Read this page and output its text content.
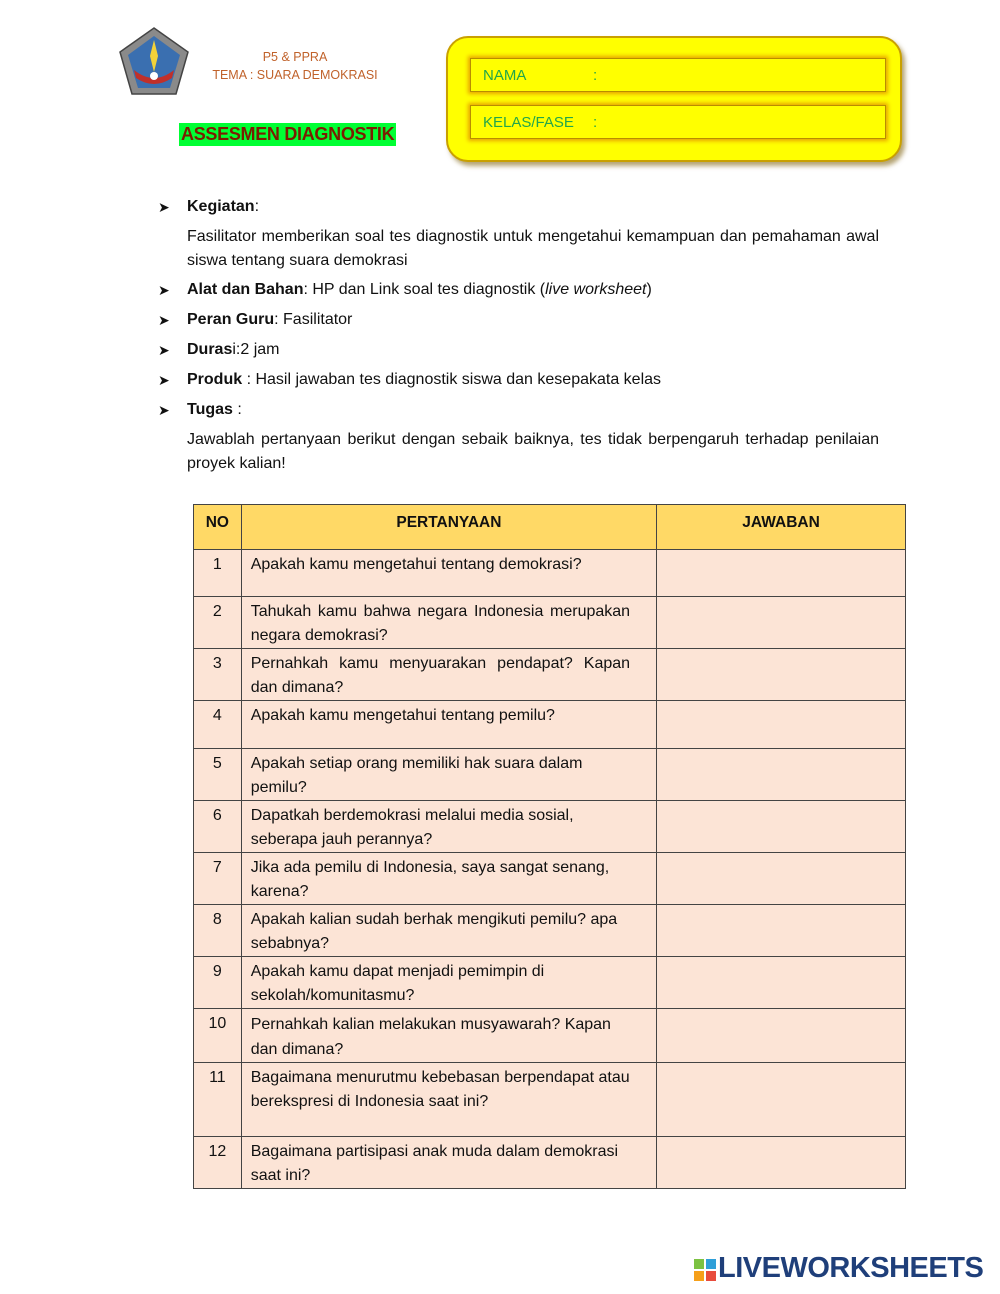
P5 & PPRA
TEMA : SUARA DEMOKRASI
ASSESMEN DIAGNOSTIK
NAMA	:
KELAS/FASE :
➤ Kegiatan:
Fasilitator memberikan soal tes diagnostik untuk mengetahui kemampuan dan pemahaman awal siswa tentang suara demokrasi
➤ Alat dan Bahan: HP dan Link soal tes diagnostik (live worksheet)
➤ Peran Guru: Fasilitator
➤ Durasi:2 jam
➤ Produk : Hasil jawaban tes diagnostik siswa dan kesepakata kelas
➤ Tugas :
Jawablah pertanyaan berikut dengan sebaik baiknya, tes tidak berpengaruh terhadap penilaian proyek kalian!
NO	PERTANYAAN	JAWABAN
1	Apakah kamu mengetahui tentang demokrasi?	
2	Tahukah kamu bahwa negara Indonesia merupakan negara demokrasi?	
3	Pernahkah kamu menyuarakan pendapat? Kapan dan dimana?	
4	Apakah kamu mengetahui tentang pemilu?	
5	Apakah setiap orang memiliki hak suara dalam pemilu?	
6	Dapatkah berdemokrasi melalui media sosial, seberapa jauh perannya?	
7	Jika ada pemilu di Indonesia, saya sangat senang, karena?	
8	Apakah kalian sudah berhak mengikuti pemilu? apa sebabnya?	
9	Apakah kamu dapat menjadi pemimpin di sekolah/komunitasmu?	
10	Pernahkah kalian melakukan musyawarah? Kapan dan dimana?	
11	Bagaimana menurutmu kebebasan berpendapat atau berekspresi di Indonesia saat ini?	
12	Bagaimana partisipasi anak muda dalam demokrasi saat ini?	
LIVEWORKSHEETS
